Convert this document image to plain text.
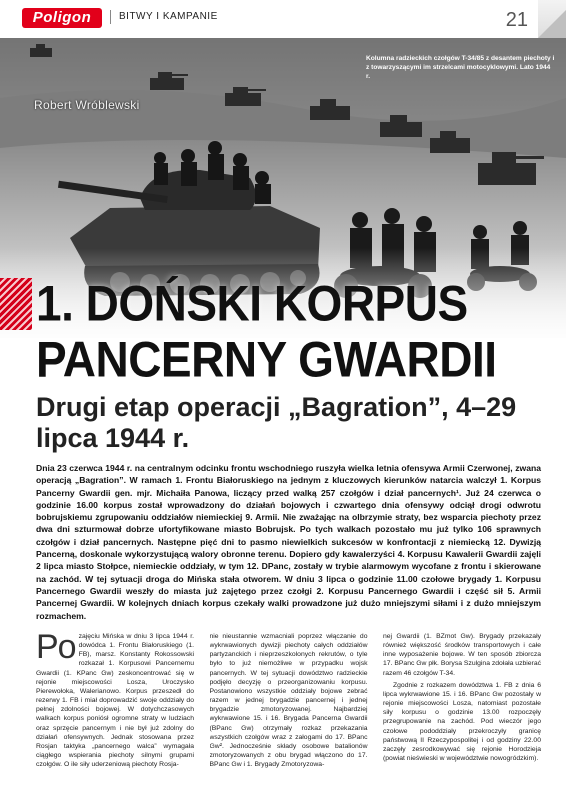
Poligon	BITWY I KAMPANIE	21
Kolumna radzieckich czołgów T-34/85 z desantem piechoty i z towarzyszącymi im strzelcami motocyklowymi. Lato 1944 r.
Robert Wróblewski
1. DOŃSKI KORPUS
PANCERNY GWARDII
Drugi etap operacji „Bagration”, 4–29 lipca 1944 r.
Dnia 23 czerwca 1944 r. na centralnym odcinku frontu wschodniego ruszyła wielka letnia ofensywa Armii Czerwonej, zwana operacją „Bagration”. W ramach 1. Frontu Białoruskiego na jednym z kluczowych kierunków natarcia walczył 1. Korpus Pancerny Gwardii gen. mjr. Michaiła Panowa, liczący przed walką 257 czołgów i dział pancernych¹. Już 24 czerwca o godzinie 16.00 korpus został wprowadzony do działań bojowych i czwartego dnia ofensywy odciął drogi odwrotu bobrujskiemu zgrupowaniu oddziałów niemieckiej 9. Armii. Nie zważając na olbrzymie straty, bez wsparcia piechoty przez dwa dni szturmował dobrze ufortyfikowane miasto Bobrujsk. Po tych walkach pozostało mu już tylko 106 sprawnych czołgów i dział pancernych. Następne pięć dni to pasmo niewielkich sukcesów w konfrontacji z niemiecką 12. Dywizją Pancerną, doskonale wykorzystującą walory obronne terenu. Dopiero gdy kawalerzyści 4. Korpusu Kawalerii Gwardii zajęli 2 lipca miasto Stołpce, niemieckie oddziały, w tym 12. DPanc, zostały w trybie alarmowym wycofane z frontu i skierowane na zachód. W tej sytuacji droga do Mińska stała otworem. W dniu 3 lipca o godzinie 11.00 czołowe brygady 1. Korpusu Pancernego Gwardii weszły do miasta już zajętego przez czołgi 2. Korpusu Pancernego Gwardii i część sił 5. Armii Pancernej Gwardii. W kolejnych dniach korpus czekały walki prowadzone już dużo mniejszymi siłami i z dużo mniejszym rozmachem.
Po zajęciu Mińska w dniu 3 lipca 1944 r. dowódca 1. Frontu Białoruskiego (1. FB), marsz. Konstanty Rokossowski rozkazał 1. Korpusowi Pancernemu Gwardii (1. KPanc Gw) zeskoncentrować się w rejonie miejscowości Losza, Uroczysko Pierewołoka, Walerianowo. Korpus przeszedł do rezerwy 1. FB i miał doprowadzić swoje oddziały do pełnej zdolności bojowej. W dotychczasowych walkach korpus poniósł ogromne straty w ludziach oraz sprzęcie pancernym i nie był już zdolny do działań ofensywnych. Jednak stosowana przez Rosjan taktyka „pancernego walca” wymagała ciągłego wspierania piechoty silnymi grupami czołgów. O ile siły uderzeniową piechoty Rosja-
nie nieustannie wzmacniali poprzez włączanie do wykrwawionych dywizji piechoty całych oddziałów partyzanckich i nieprzeszkolonych rekrutów, o tyle było to już niemożliwe w przypadku wojsk pancernych. W tej sytuacji dowództwo radzieckie podjęło decyzję o przeorganizowaniu korpusu. Postanowiono wszystkie oddziały bojowe zebrać razem w jednej brygadzie pancernej i jednej brygadzie zmotoryzowanej. Najbardziej wykrwawione 15. i 16. Brygada Pancerna Gwardii (BPanc Gw) otrzymały rozkaz przekazania wszystkich czołgów wraz z załogami do 17. BPanc Gw². Jednocześnie składy osobowe batalionów zmotoryzowanych z obu brygad włączono do 17. BPanc Gw i 1. Brygady Zmotoryzowa-

nej Gwardii (1. BZmot Gw). Brygady przekazały również większość środków transportowych i całe inne wyposażenie bojowe. W ten sposób zbiorcza 17. BPanc Gw płk. Borysa Szulgina zdołała uzbierać razem 46 czołgów T-34.

Zgodnie z rozkazem dowództwa 1. FB z dnia 6 lipca wykrwawione 15. i 16. BPanc Gw pozostały w rejonie miejscowości Losza, natomiast pozostałe siły korpusu o godzinie 13.00 rozpoczęły przegrupowanie na zachód. Pod wieczór jego czołowe pododdziały przekroczyły granicę państwową II Rzeczypospolitej i od godziny 22.00 zaczęły zesrodkowywać się rejonie Horodzieja (powiat nieświeski w województwie nowogródzkim).
